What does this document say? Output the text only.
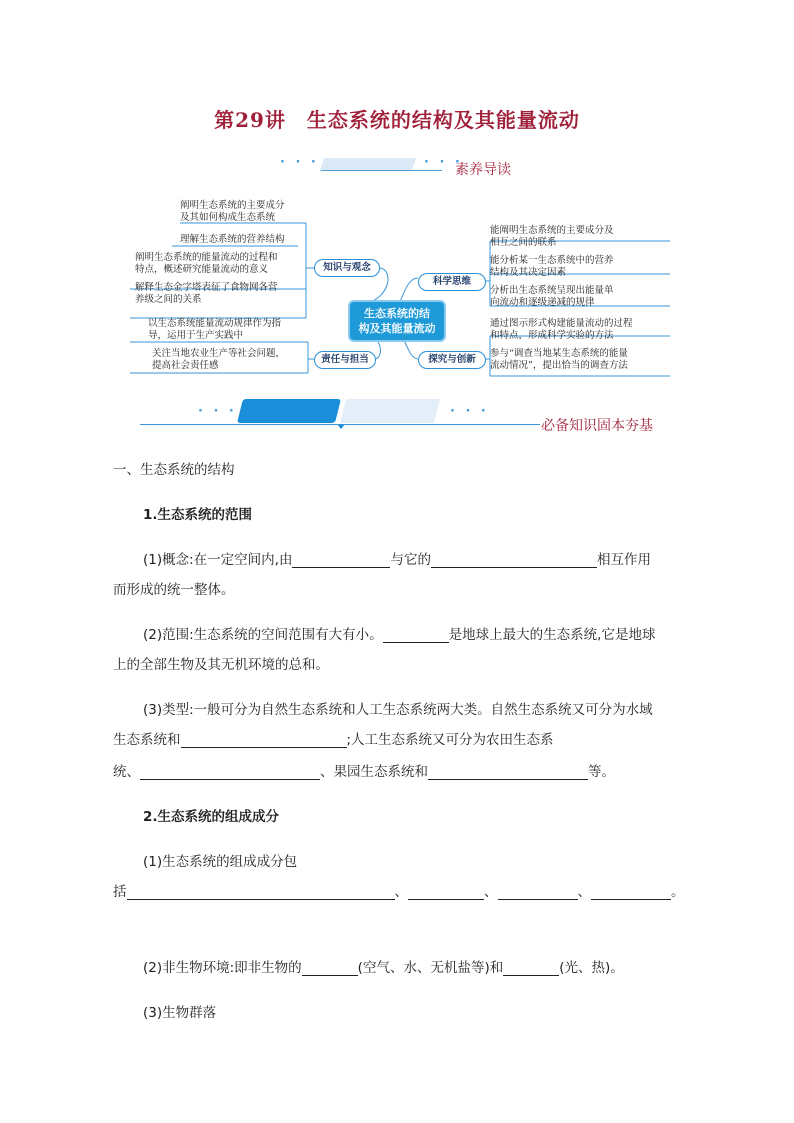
第29讲　生态系统的结构及其能量流动
· · ·	· · ·
素养导读
阐明生态系统的主要成分
及其如何构成生态系统
理解生态系统的营养结构
阐明生态系统的能量流动的过程和
特点，概述研究能量流动的意义
解释生态金字塔表征了食物网各营
养级之间的关系
知识与观念
以生态系统能量流动规律作为指
导，运用于生产实践中
关注当地农业生产等社会问题，
提高社会责任感
责任与担当
生态系统的结
构及其能量流动
科学思维
探究与创新
能阐明生态系统的主要成分及
相互之间的联系
能分析某一生态系统中的营养
结构及其决定因素
分析出生态系统呈现出能量单
向流动和逐级递减的规律
通过图示形式构建能量流动的过程
和特点，形成科学实验的方法
参与“调查当地某生态系统的能量
流动情况”，提出恰当的调查方法
· · ·	· · ·
必备知识固本夯基
一、生态系统的结构
1.生态系统的范围
(1)概念:在一定空间内,由	与它的	相互作用
而形成的统一整体。
(2)范围:生态系统的空间范围有大有小。	是地球上最大的生态系统,它是地球
上的全部生物及其无机环境的总和。
(3)类型:一般可分为自然生态系统和人工生态系统两大类。自然生态系统又可分为水域
生态系统和	;人工生态系统又可分为农田生态系
统、	、果园生态系统和	等。
2.生态系统的组成成分
(1)生态系统的组成成分包
括	、	、	、	。
(2)非生物环境:即非生物的	(空气、水、无机盐等)和	(光、热)。
(3)生物群落
